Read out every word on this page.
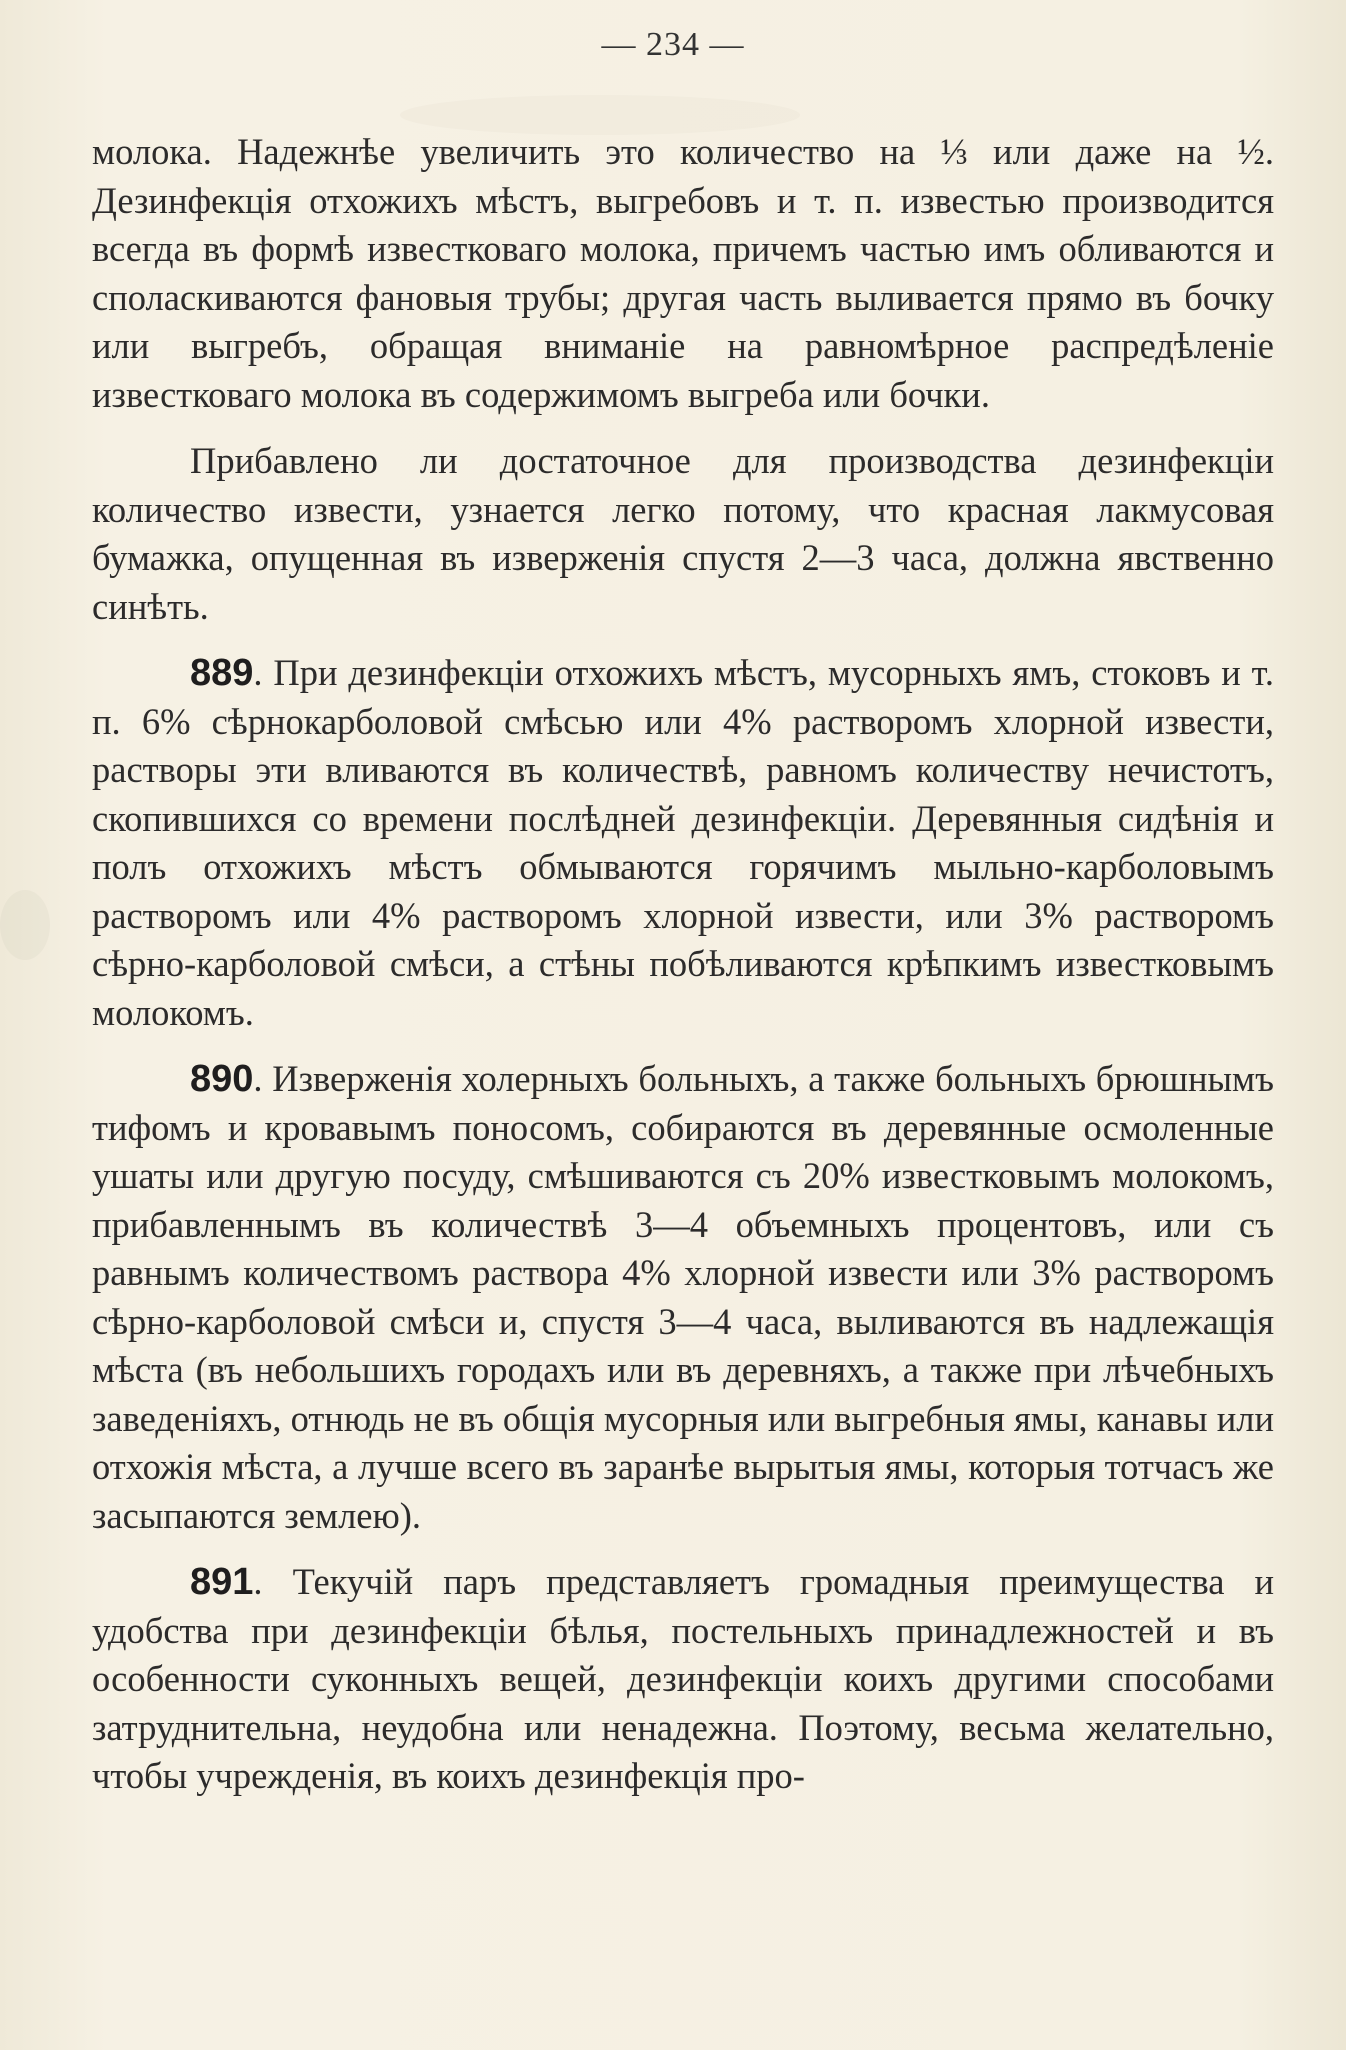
— 234 —

молока. Надежнѣе увеличить это количество на ⅓ или даже на ½. Дезинфекція отхожихъ мѣстъ, выгребовъ и т. п. известью производится всегда въ формѣ известковаго молока, причемъ частью имъ обливаются и споласкиваются фановыя трубы; другая часть выливается прямо въ бочку или выгребъ, обращая вниманіе на равномѣрное распредѣленіе известковаго молока въ содержимомъ выгреба или бочки.

Прибавлено ли достаточное для производства дезинфекціи количество извести, узнается легко потому, что красная лакмусовая бумажка, опущенная въ изверженія спустя 2—3 часа, должна явственно синѣть.

889. При дезинфекціи отхожихъ мѣстъ, мусорныхъ ямъ, стоковъ и т. п. 6% сѣрнокарболовой смѣсью или 4% растворомъ хлорной извести, растворы эти вливаются въ количествѣ, равномъ количеству нечистотъ, скопившихся со времени послѣдней дезинфекціи. Деревянныя сидѣнія и полъ отхожихъ мѣстъ обмываются горячимъ мыльно-карболовымъ растворомъ или 4% растворомъ хлорной извести, или 3% растворомъ сѣрно-карболовой смѣси, а стѣны побѣливаются крѣпкимъ известковымъ молокомъ.

890. Изверженія холерныхъ больныхъ, а также больныхъ брюшнымъ тифомъ и кровавымъ поносомъ, собираются въ деревянные осмоленные ушаты или другую посуду, смѣшиваются съ 20% известковымъ молокомъ, прибавленнымъ въ количествѣ 3—4 объемныхъ процентовъ, или съ равнымъ количествомъ раствора 4% хлорной извести или 3% растворомъ сѣрно-карболовой смѣси и, спустя 3—4 часа, выливаются въ надлежащія мѣста (въ небольшихъ городахъ или въ деревняхъ, а также при лѣчебныхъ заведеніяхъ, отнюдь не въ общія мусорныя или выгребныя ямы, канавы или отхожія мѣста, а лучше всего въ заранѣе вырытыя ямы, которыя тотчасъ же засыпаются землею).

891. Текучій паръ представляетъ громадныя преимущества и удобства при дезинфекціи бѣлья, постельныхъ принадлежностей и въ особенности суконныхъ вещей, дезинфекціи коихъ другими способами затруднительна, неудобна или ненадежна. Поэтому, весьма желательно, чтобы учрежденія, въ коихъ дезинфекція про-
